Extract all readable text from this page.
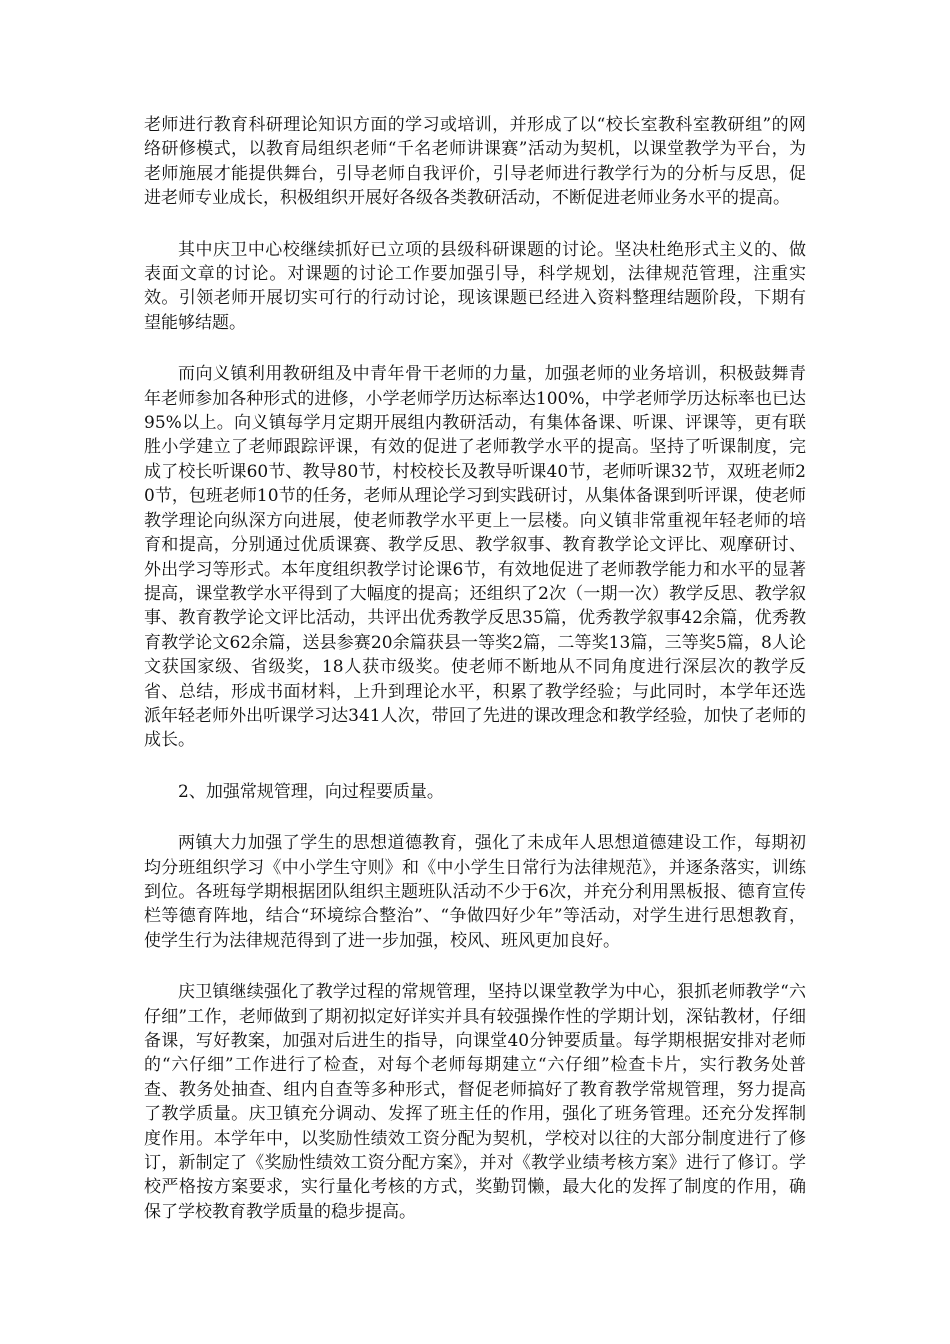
老师进行教育科研理论知识方面的学习或培训，并形成了以“校长室教科室教研组”的网络研修模式，以教育局组织老师“千名老师讲课赛”活动为契机，以课堂教学为平台，为老师施展才能提供舞台，引导老师自我评价，引导老师进行教学行为的分析与反思，促进老师专业成长，积极组织开展好各级各类教研活动，不断促进老师业务水平的提高。

其中庆卫中心校继续抓好已立项的县级科研课题的讨论。坚决杜绝形式主义的、做表面文章的讨论。对课题的讨论工作要加强引导，科学规划，法律规范管理，注重实效。引领老师开展切实可行的行动讨论，现该课题已经进入资料整理结题阶段，下期有望能够结题。

而向义镇利用教研组及中青年骨干老师的力量，加强老师的业务培训，积极鼓舞青年老师参加各种形式的进修，小学老师学历达标率达100%，中学老师学历达标率也已达95%以上。向义镇每学月定期开展组内教研活动，有集体备课、听课、评课等，更有联胜小学建立了老师跟踪评课，有效的促进了老师教学水平的提高。坚持了听课制度，完成了校长听课60节、教导80节，村校校长及教导听课40节，老师听课32节，双班老师20节，包班老师10节的任务，老师从理论学习到实践研讨，从集体备课到听评课，使老师教学理论向纵深方向进展，使老师教学水平更上一层楼。向义镇非常重视年轻老师的培育和提高，分别通过优质课赛、教学反思、教学叙事、教育教学论文评比、观摩研讨、外出学习等形式。本年度组织教学讨论课6节，有效地促进了老师教学能力和水平的显著提高，课堂教学水平得到了大幅度的提高；还组织了2次（一期一次）教学反思、教学叙事、教育教学论文评比活动，共评出优秀教学反思35篇，优秀教学叙事42余篇，优秀教育教学论文62余篇，送县参赛20余篇获县一等奖2篇，二等奖13篇，三等奖5篇，8人论文获国家级、省级奖，18人获市级奖。使老师不断地从不同角度进行深层次的教学反省、总结，形成书面材料，上升到理论水平，积累了教学经验；与此同时，本学年还选派年轻老师外出听课学习达341人次，带回了先进的课改理念和教学经验，加快了老师的成长。

2、加强常规管理，向过程要质量。

两镇大力加强了学生的思想道德教育，强化了未成年人思想道德建设工作，每期初均分班组织学习《中小学生守则》和《中小学生日常行为法律规范》，并逐条落实，训练到位。各班每学期根据团队组织主题班队活动不少于6次，并充分利用黑板报、德育宣传栏等德育阵地，结合“环境综合整治”、“争做四好少年”等活动，对学生进行思想教育，使学生行为法律规范得到了进一步加强，校风、班风更加良好。

庆卫镇继续强化了教学过程的常规管理，坚持以课堂教学为中心，狠抓老师教学“六仔细”工作，老师做到了期初拟定好详实并具有较强操作性的学期计划，深钻教材，仔细备课，写好教案，加强对后进生的指导，向课堂40分钟要质量。每学期根据安排对老师的“六仔细”工作进行了检查，对每个老师每期建立“六仔细”检查卡片，实行教务处普查、教务处抽查、组内自查等多种形式，督促老师搞好了教育教学常规管理，努力提高了教学质量。庆卫镇充分调动、发挥了班主任的作用，强化了班务管理。还充分发挥制度作用。本学年中，以奖励性绩效工资分配为契机，学校对以往的大部分制度进行了修订，新制定了《奖励性绩效工资分配方案》，并对《教学业绩考核方案》进行了修订。学校严格按方案要求，实行量化考核的方式，奖勤罚懒，最大化的发挥了制度的作用，确保了学校教育教学质量的稳步提高。
